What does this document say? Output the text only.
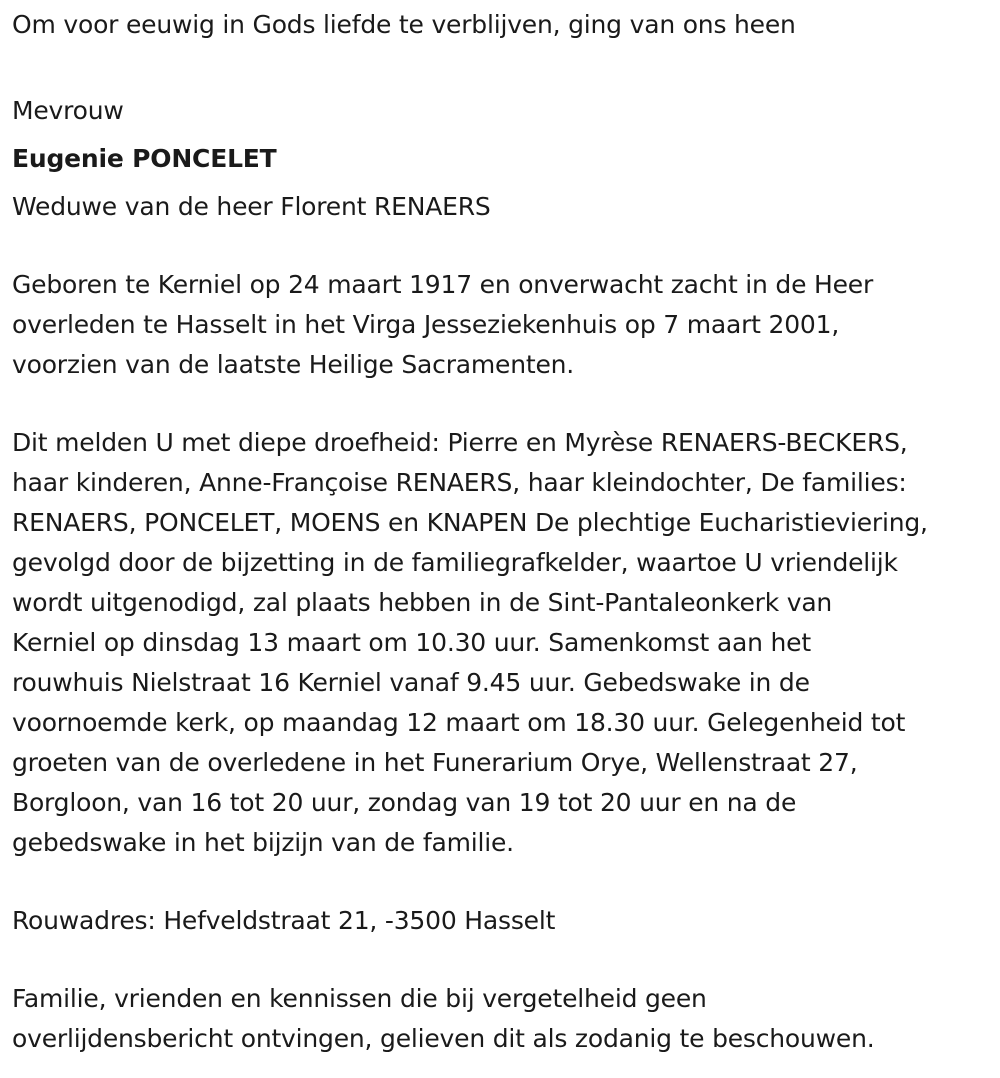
Om voor eeuwig in Gods liefde te verblijven, ging van ons heen
Mevrouw
Eugenie PONCELET
Weduwe van de heer Florent RENAERS
Geboren te Kerniel op 24 maart 1917 en onverwacht zacht in de Heer
overleden te Hasselt in het Virga Jesseziekenhuis op 7 maart 2001,
voorzien van de laatste Heilige Sacramenten.
Dit melden U met diepe droefheid: Pierre en Myrèse RENAERS-BECKERS,
haar kinderen, Anne-Françoise RENAERS, haar kleindochter, De families:
RENAERS, PONCELET, MOENS en KNAPEN De plechtige Eucharistieviering,
gevolgd door de bijzetting in de familiegrafkelder, waartoe U vriendelijk
wordt uitgenodigd, zal plaats hebben in de Sint-Pantaleonkerk van
Kerniel op dinsdag 13 maart om 10.30 uur. Samenkomst aan het
rouwhuis Nielstraat 16 Kerniel vanaf 9.45 uur. Gebedswake in de
voornoemde kerk, op maandag 12 maart om 18.30 uur. Gelegenheid tot
groeten van de overledene in het Funerarium Orye, Wellenstraat 27,
Borgloon, van 16 tot 20 uur, zondag van 19 tot 20 uur en na de
gebedswake in het bijzijn van de familie.
Rouwadres: Hefveldstraat 21, -3500 Hasselt
Familie, vrienden en kennissen die bij vergetelheid geen
overlijdensbericht ontvingen, gelieven dit als zodanig te beschouwen.
